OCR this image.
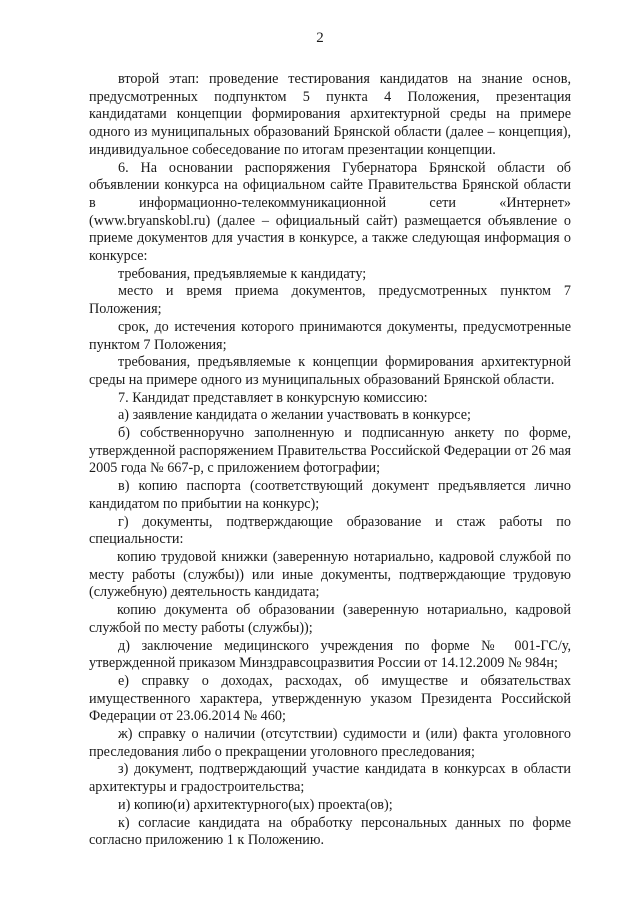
2

второй этап: проведение тестирования кандидатов на знание основ, предусмотренных подпунктом 5 пункта 4 Положения, презентация кандидатами концепции формирования архитектурной среды на примере одного из муниципальных образований Брянской области (далее – концепция), индивидуальное собеседование по итогам презентации концепции.

6. На основании распоряжения Губернатора Брянской области об объявлении конкурса на официальном сайте Правительства Брянской области в информационно-телекоммуникационной сети «Интернет» (www.bryanskobl.ru) (далее – официальный сайт) размещается объявление о приеме документов для участия в конкурсе, а также следующая информация о конкурсе:

требования, предъявляемые к кандидату;

место и время приема документов, предусмотренных пунктом 7 Положения;

срок, до истечения которого принимаются документы, предусмотренные пунктом 7 Положения;

требования, предъявляемые к концепции формирования архитектурной среды на примере одного из муниципальных образований Брянской области.

7. Кандидат представляет в конкурсную комиссию:

а) заявление кандидата о желании участвовать в конкурсе;

б) собственноручно заполненную и подписанную анкету по форме, утвержденной распоряжением Правительства Российской Федерации от 26 мая 2005 года № 667-р, с приложением фотографии;

в) копию паспорта (соответствующий документ предъявляется лично кандидатом по прибытии на конкурс);

г) документы, подтверждающие образование и стаж работы по специальности:

копию трудовой книжки (заверенную нотариально, кадровой службой по месту работы (службы)) или иные документы, подтверждающие трудовую (служебную) деятельность кандидата;

копию документа об образовании (заверенную нотариально, кадровой службой по месту работы (службы));

д) заключение медицинского учреждения по форме № 001-ГС/у, утвержденной приказом Минздравсоцразвития России от 14.12.2009 № 984н;

е) справку о доходах, расходах, об имуществе и обязательствах имущественного характера, утвержденную указом Президента Российской Федерации от 23.06.2014 № 460;

ж) справку о наличии (отсутствии) судимости и (или) факта уголовного преследования либо о прекращении уголовного преследования;

з) документ, подтверждающий участие кандидата в конкурсах в области архитектуры и градостроительства;

и) копию(и) архитектурного(ых) проекта(ов);

к) согласие кандидата на обработку персональных данных по форме согласно приложению 1 к Положению.
